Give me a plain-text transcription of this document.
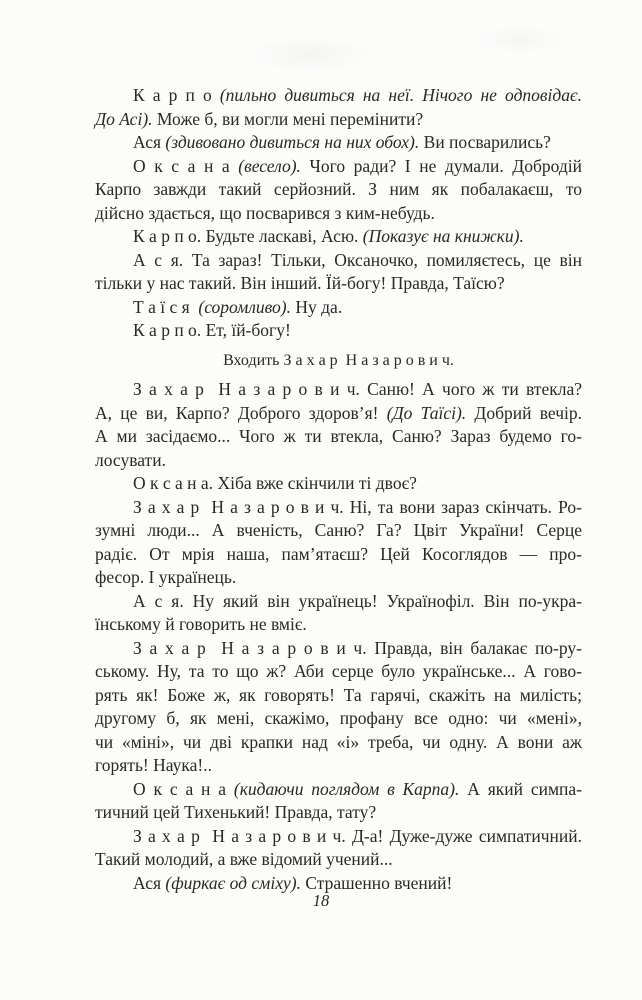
К а р п о (пильно дивиться на неї. Нічого не одповідає.
До Асі). Може б, ви могли мені перемінити?
Ася (здивовано дивиться на них обох). Ви посварились?
О к с а н а (весело). Чого ради? І не думали. Добродій
Карпо завжди такий серйозний. З ним як побалакаєш, то
дійсно здається, що посварився з ким-небудь.
К а р п о. Будьте ласкаві, Асю. (Показує на книжки).
А с я. Та зараз! Тільки, Оксаночко, помиляєтесь, це він
тільки у нас такий. Він інший. Їй-богу! Правда, Таїсю?
Т а ї с я  (соромливо). Ну да.
К а р п о. Ет, їй-богу!
Входить З а х а р  Н а з а р о в и ч.
З а х а р  Н а з а р о в и ч. Саню! А чого ж ти втекла?
А, це ви, Карпо? Доброго здоров’я! (До Таїсі). Добрий вечір.
А ми засідаємо... Чого ж ти втекла, Саню? Зараз будемо го-
лосувати.
О к с а н а. Хіба вже скінчили ті двоє?
З а х а р  Н а з а р о в и ч. Ні, та вони зараз скінчать. Ро-
зумні люди... А вченість, Саню? Га? Цвіт України! Серце
радіє. От мрія наша, пам’ятаєш? Цей Косоглядов — про-
фесор. І українець.
А с я. Ну який він українець! Українофіл. Він по-укра-
їнському й говорить не вміє.
З а х а р  Н а з а р о в и ч. Правда, він балакає по-ру-
ському. Ну, та то що ж? Аби серце було українське... А гово-
рять як! Боже ж, як говорять! Та гарячі, скажіть на милість;
другому б, як мені, скажімо, профану все одно: чи «мені»,
чи «міні», чи дві крапки над «і» треба, чи одну. А вони аж
горять! Наука!..
О к с а н а (кидаючи поглядом в Карпа). А який симпа-
тичний цей Тихенький! Правда, тату?
З а х а р  Н а з а р о в и ч. Д-а! Дуже-дуже симпатичний.
Такий молодий, а вже відомий учений...
Ася (фиркає од сміху). Страшенно вчений!
18
